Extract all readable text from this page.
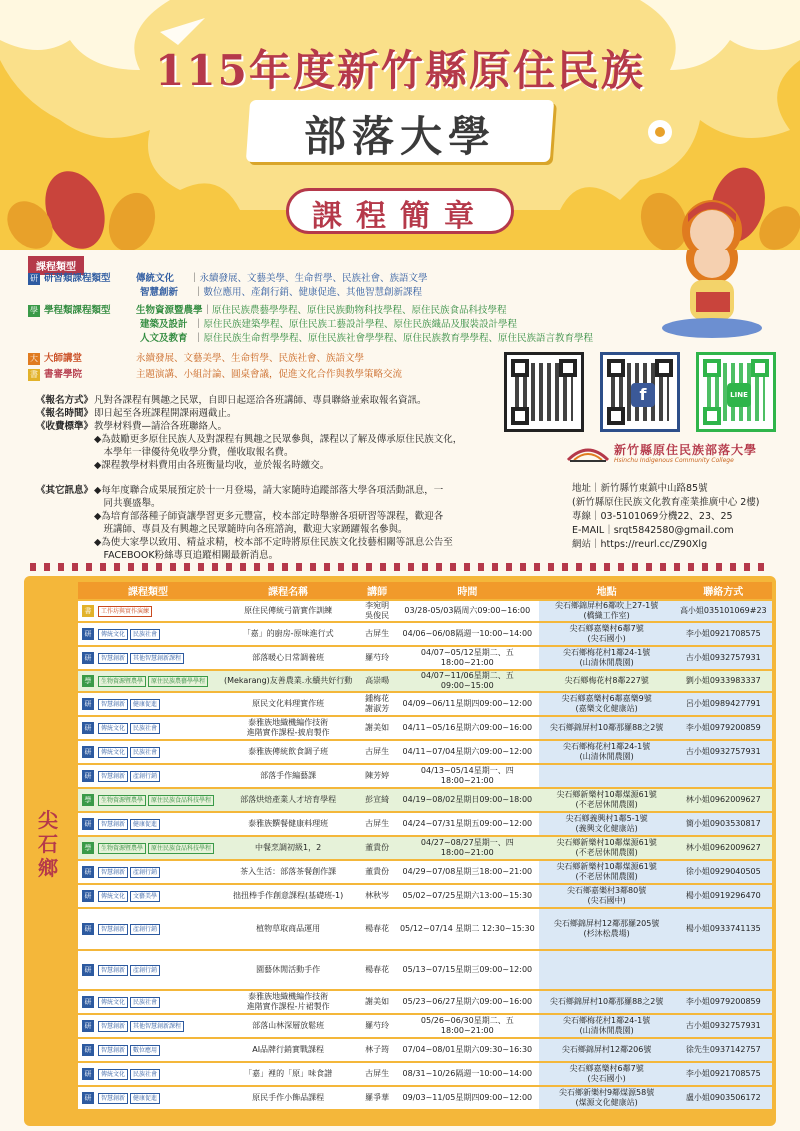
115年度新竹縣原住民族
部落大學
課程簡章
課程類型
研 研習類課程類型	傳統文化 ｜永續發展、文藝美學、生命哲學、民族社會、族語文學
智慧創新 ｜數位應用、產創行銷、健康促進、其他智慧創新課程
學 學程類課程類型	生物資源暨農學｜原住民族農藝學學程、原住民族動物科技學程、原住民族食品科技學程
建築及設計 ｜原住民族建築學程、原住民族工藝設計學程、原住民族織品及服裝設計學程
人文及教育 ｜原住民族生命哲學學程、原住民族社會學學程、原住民族教育學學程、原住民族語言教育學程
大 大師講堂	永續發展、文藝美學、生命哲學、民族社會、族語文學
書 書審學院	主題演講、小組討論、圓桌會議，促進文化合作與教學策略交流
《報名方式》凡對各課程有興趣之民眾，自即日起逕洽各班講師、專員聯絡並索取報名資訊。
《報名時間》即日起至各班課程開課兩週截止。
《收費標準》教學材料費—請洽各班聯絡人。
◆為鼓勵更多原住民族人及對課程有興趣之民眾參與，課程以了解及傳承原住民族文化，
　本學年一律優待免收學分費，僅收取報名費。
◆課程教學材料費用由各班衡量均收，並於報名時繳交。
《其它訊息》◆每年度聯合成果展預定於十一月登場，請大家隨時追蹤部落大學各項活動訊息，一
　同共襄盛舉。
◆為培育部落種子師資讓學習更多元豐富，校本部定時舉辦各項研習等課程，歡迎各
　班講師、專員及有興趣之民眾隨時向各班諮詢，歡迎大家踴躍報名參與。
◆為使大家學以致用、精益求精，校本部不定時將原住民族文化技藝相關等訊息公告至
　FACEBOOK粉絲專頁追蹤相關最新消息。
f	LINE
新竹縣原住民族部落大學
Hsinchu Indigenous Community College
地址｜新竹縣竹東鎮中山路85號
(新竹縣原住民族文化教育產業推廣中心 2樓)
專線｜03-5101069分機22、23、25
E-MAIL｜srqt5842580@gmail.com
網站｜https://reurl.cc/Z90Xlg
尖石鄉
課程類型	課程名稱	講師	時間	地點	聯絡方式
書 工作坊與實作演練	原住民傳統弓箭實作訓練	李宛明
吳俊民	03/28-05/03隔周六09:00~16:00	尖石鄉錦屏村6鄰吹上27-1號
(橋織工作室)	高小姐035101069#23
研 傳統文化 民族社會	「嘉」的廚房-原味進行式	古屏生	04/06~06/08隔週一10:00~14:00	尖石鄉嘉樂村6鄰7號
(尖石國小)	李小姐0921708575
研 智慧創新 其他智慧創新課程	部落暖心日常調養班	羅芍玲	04/07~05/12星期二、五18:00~21:00	尖石鄉梅花村1鄰24-1號
(山清休閒農園)	古小姐0932757931
學 生物資源暨農學 原住民族農藝學學程	(Mekarang)友善農業.永續共好行動	高崇暘	04/07~11/06星期二、五09:00~15:00	尖石鄉梅花村8鄰227號	劉小姐0933983337
研 智慧創新 健康促進	原民文化料理實作班	鍾梅花
謝淑芳	04/09~06/11星期四09:00~12:00	尖石鄉嘉樂村6鄰嘉樂9號
(嘉樂文化健康站)	呂小姐0989427791
研 傳統文化 民族社會	泰雅族地織機編作技術
進階實作課程-披肩製作	謝美如	04/11~05/16星期六09:00~16:00	尖石鄉錦屏村10鄰那羅88之2號	李小姐0979200859
研 傳統文化 民族社會	泰雅族傳統飲食調子班	古屏生	04/11~07/04星期六09:00~12:00	尖石鄉梅花村1鄰24-1號
(山清休閒農園)	古小姐0932757931
研 智慧創新 產創行銷	部落手作編藝課	陳芳婷	04/13~05/14星期一、四18:00~21:00		
學 生物資源暨農學 原住民族食品科技學程	部落烘焙產業人才培育學程	彭宣綺	04/19~08/02星期日09:00~18:00	尖石鄉新樂村10鄰煤源61號
(不老居休閒農園)	林小姐0962009627
研 智慧創新 健康促進	泰雅族饌餐健康料理班	古屏生	04/24~07/31星期五09:00~12:00	尖石鄉義興村1鄰5-1號
(義興文化健康站)	簡小姐0903530817
學 生物資源暨農學 原住民族食品科技學程	中餐烹調初級1，2	董貴份	04/27~08/27星期一、四18:00~21:00	尖石鄉新樂村10鄰煤源61號
(不老居休閒農園)	林小姐0962009627
研 智慧創新 產創行銷	茶入生活：部落茶餐創作課	董貴份	04/29~07/08星期三18:00~21:00	尖石鄉新樂村10鄰煤源61號
(不老居休閒農園)	徐小姐0929040505
研 傳統文化 文藝美學	拙扭棒手作創意課程(基礎班-1)	林秋岑	05/02~07/25星期六13:00~15:30	尖石鄉嘉樂村3鄰80號
(尖石國中)	楊小姐0919296470
研 智慧創新 產創行銷	植物草取商品運用	楊春花	05/12~07/14 星期二 12:30~15:30	尖石鄉錦屏村12鄰那羅205號
(杉沐松農場)	楊小姐0933741135
研 智慧創新 產創行銷	園藝休閒活動手作	楊春花	05/13~07/15星期三09:00~12:00		
研 傳統文化 民族社會	泰雅族地織機編作技術
進階實作課程-片裙製作	謝美如	05/23~06/27星期六09:00~16:00	尖石鄉錦屏村10鄰那羅88之2號	李小姐0979200859
研 智慧創新 其他智慧創新課程	部落山林深層放鬆班	羅芍玲	05/26~06/30星期二、五18:00~21:00	尖石鄉梅花村1鄰24-1號
(山清休閒農園)	古小姐0932757931
研 智慧創新 數位應用	AI品牌行銷實戰課程	林子筠	07/04~08/01星期六09:30~16:30	尖石鄉錦屏村12鄰206號	徐先生0937142757
研 傳統文化 民族社會	「嘉」裡的「原」味食譜	古屏生	08/31~10/26隔週一10:00~14:00	尖石鄉嘉樂村6鄰7號
(尖石國小)	李小姐0921708575
研 智慧創新 健康促進	原民手作小飾品課程	羅爭華	09/03~11/05星期四09:00~12:00	尖石鄉新樂村9鄰煤源58號
(煤源文化健康站)	盧小姐0903506172
